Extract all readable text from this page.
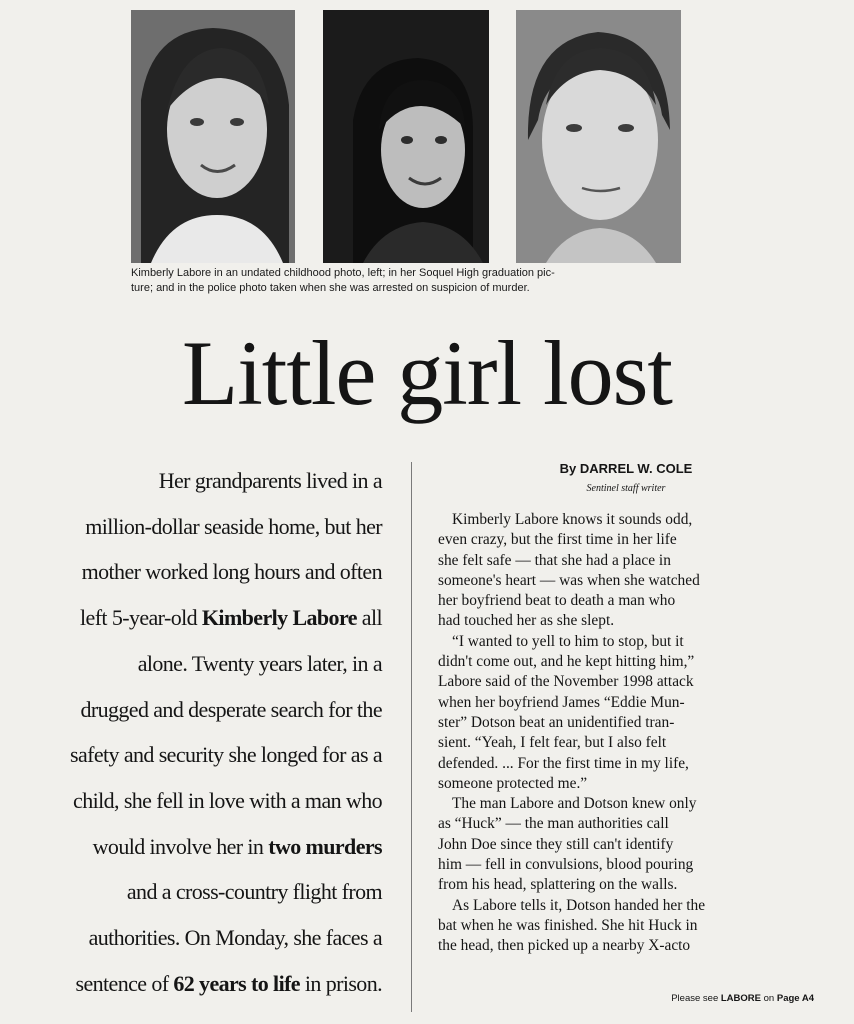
Kimberly Labore in an undated childhood photo, left; in her Soquel High graduation pic-
ture; and in the police photo taken when she was arrested on suspicion of murder.
Little girl lost
Her grandparents lived in a
million-dollar seaside home, but her
mother worked long hours and often
left 5-year-old Kimberly Labore all
alone. Twenty years later, in a
drugged and desperate search for the
safety and security she longed for as a
child, she fell in love with a man who
would involve her in two murders
and a cross-country flight from
authorities. On Monday, she faces a
sentence of 62 years to life in prison.
By DARREL W. COLE
Sentinel staff writer
Kimberly Labore knows it sounds odd,
even crazy, but the first time in her life
she felt safe — that she had a place in
someone's heart — was when she watched
her boyfriend beat to death a man who
had touched her as she slept.
“I wanted to yell to him to stop, but it
didn't come out, and he kept hitting him,”
Labore said of the November 1998 attack
when her boyfriend James “Eddie Mun-
ster” Dotson beat an unidentified tran-
sient. “Yeah, I felt fear, but I also felt
defended. ... For the first time in my life,
someone protected me.”
The man Labore and Dotson knew only
as “Huck” — the man authorities call
John Doe since they still can't identify
him — fell in convulsions, blood pouring
from his head, splattering on the walls.
As Labore tells it, Dotson handed her the
bat when he was finished. She hit Huck in
the head, then picked up a nearby X-acto
Please see LABORE on Page A4
